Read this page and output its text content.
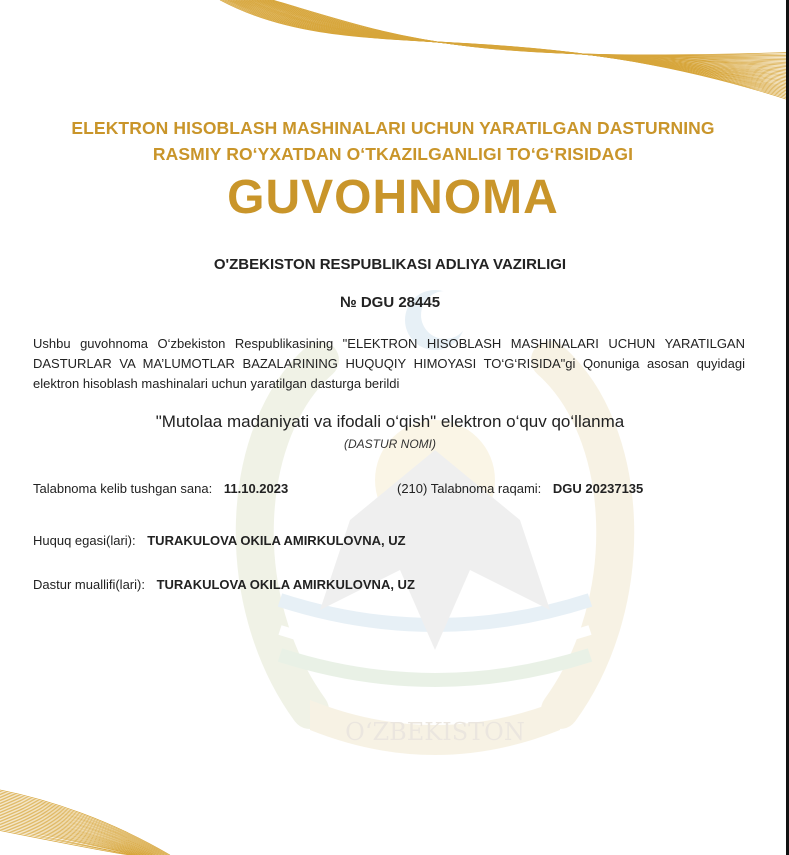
O‘ZBEKISTON
ELEKTRON HISOBLASH MASHINALARI UCHUN YARATILGAN DASTURNING
RASMIY RO‘YXATDAN O‘TKAZILGANLIGI TO‘G‘RISIDAGI
GUVOHNOMA
O'ZBEKISTON RESPUBLIKASI ADLIYA VAZIRLIGI
№ DGU 28445
Ushbu guvohnoma O‘zbekiston Respublikasining "ELEKTRON HISOBLASH MASHINALARI UCHUN YARATILGAN DASTURLAR VA MA’LUMOTLAR BAZALARINING HUQUQIY HIMOYASI TO‘G‘RISIDA"gi Qonuniga asosan quyidagi elektron hisoblash mashinalari uchun yaratilgan dasturga berildi
"Mutolaa madaniyati va ifodali o‘qish" elektron o‘quv qo‘llanma
(DASTUR NOMI)
Talabnoma kelib tushgan sana: 11.10.2023	(210) Talabnoma raqami: DGU 20237135
Huquq egasi(lari): TURAKULOVA OKILA AMIRKULOVNA, UZ
Dastur muallifi(lari): TURAKULOVA OKILA AMIRKULOVNA, UZ
